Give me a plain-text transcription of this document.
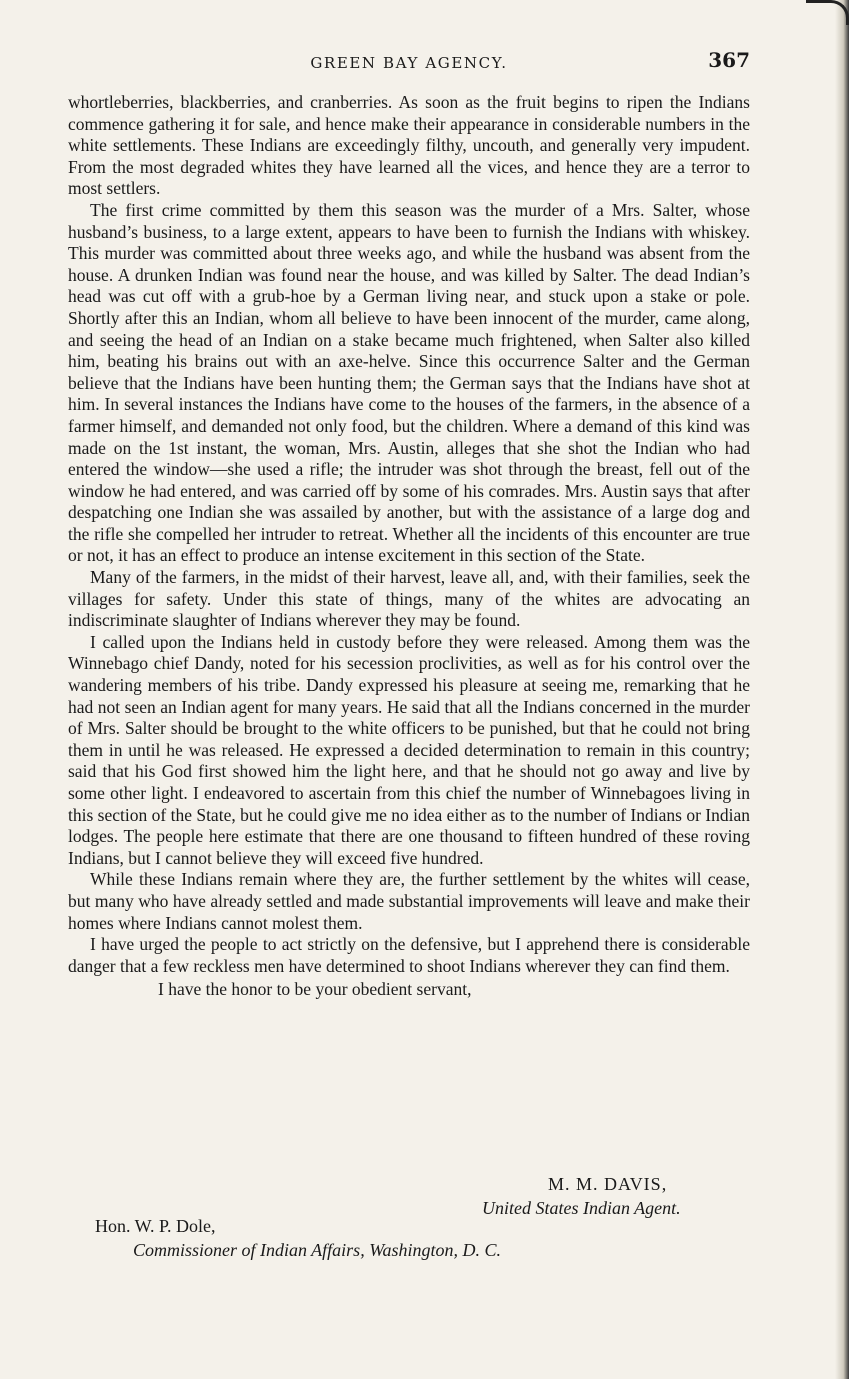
GREEN BAY AGENCY.	367

whortleberries, blackberries, and cranberries. As soon as the fruit begins to ripen the Indians commence gathering it for sale, and hence make their appearance in considerable numbers in the white settlements. These Indians are exceedingly filthy, uncouth, and generally very impudent. From the most degraded whites they have learned all the vices, and hence they are a terror to most settlers.

The first crime committed by them this season was the murder of a Mrs. Salter, whose husband’s business, to a large extent, appears to have been to furnish the Indians with whiskey. This murder was committed about three weeks ago, and while the husband was absent from the house. A drunken Indian was found near the house, and was killed by Salter. The dead Indian’s head was cut off with a grub-hoe by a German living near, and stuck upon a stake or pole. Shortly after this an Indian, whom all believe to have been innocent of the murder, came along, and seeing the head of an Indian on a stake became much frightened, when Salter also killed him, beating his brains out with an axe-helve. Since this occurrence Salter and the German believe that the Indians have been hunting them; the German says that the Indians have shot at him. In several instances the Indians have come to the houses of the farmers, in the absence of a farmer himself, and demanded not only food, but the children. Where a demand of this kind was made on the 1st instant, the woman, Mrs. Austin, alleges that she shot the Indian who had entered the window—she used a rifle; the intruder was shot through the breast, fell out of the window he had entered, and was carried off by some of his comrades. Mrs. Austin says that after despatching one Indian she was assailed by another, but with the assistance of a large dog and the rifle she compelled her intruder to retreat. Whether all the incidents of this encounter are true or not, it has an effect to produce an intense excitement in this section of the State.

Many of the farmers, in the midst of their harvest, leave all, and, with their families, seek the villages for safety. Under this state of things, many of the whites are advocating an indiscriminate slaughter of Indians wherever they may be found.

I called upon the Indians held in custody before they were released. Among them was the Winnebago chief Dandy, noted for his secession proclivities, as well as for his control over the wandering members of his tribe. Dandy expressed his pleasure at seeing me, remarking that he had not seen an Indian agent for many years. He said that all the Indians concerned in the murder of Mrs. Salter should be brought to the white officers to be punished, but that he could not bring them in until he was released. He expressed a decided determination to remain in this country; said that his God first showed him the light here, and that he should not go away and live by some other light. I endeavored to ascertain from this chief the number of Winnebagoes living in this section of the State, but he could give me no idea either as to the number of Indians or Indian lodges. The people here estimate that there are one thousand to fifteen hundred of these roving Indians, but I cannot believe they will exceed five hundred.

While these Indians remain where they are, the further settlement by the whites will cease, but many who have already settled and made substantial improvements will leave and make their homes where Indians cannot molest them.

I have urged the people to act strictly on the defensive, but I apprehend there is considerable danger that a few reckless men have determined to shoot Indians wherever they can find them.

I have the honor to be your obedient servant,

M. M. DAVIS,
United States Indian Agent.
Hon. W. P. Dole,
Commissioner of Indian Affairs, Washington, D. C.
